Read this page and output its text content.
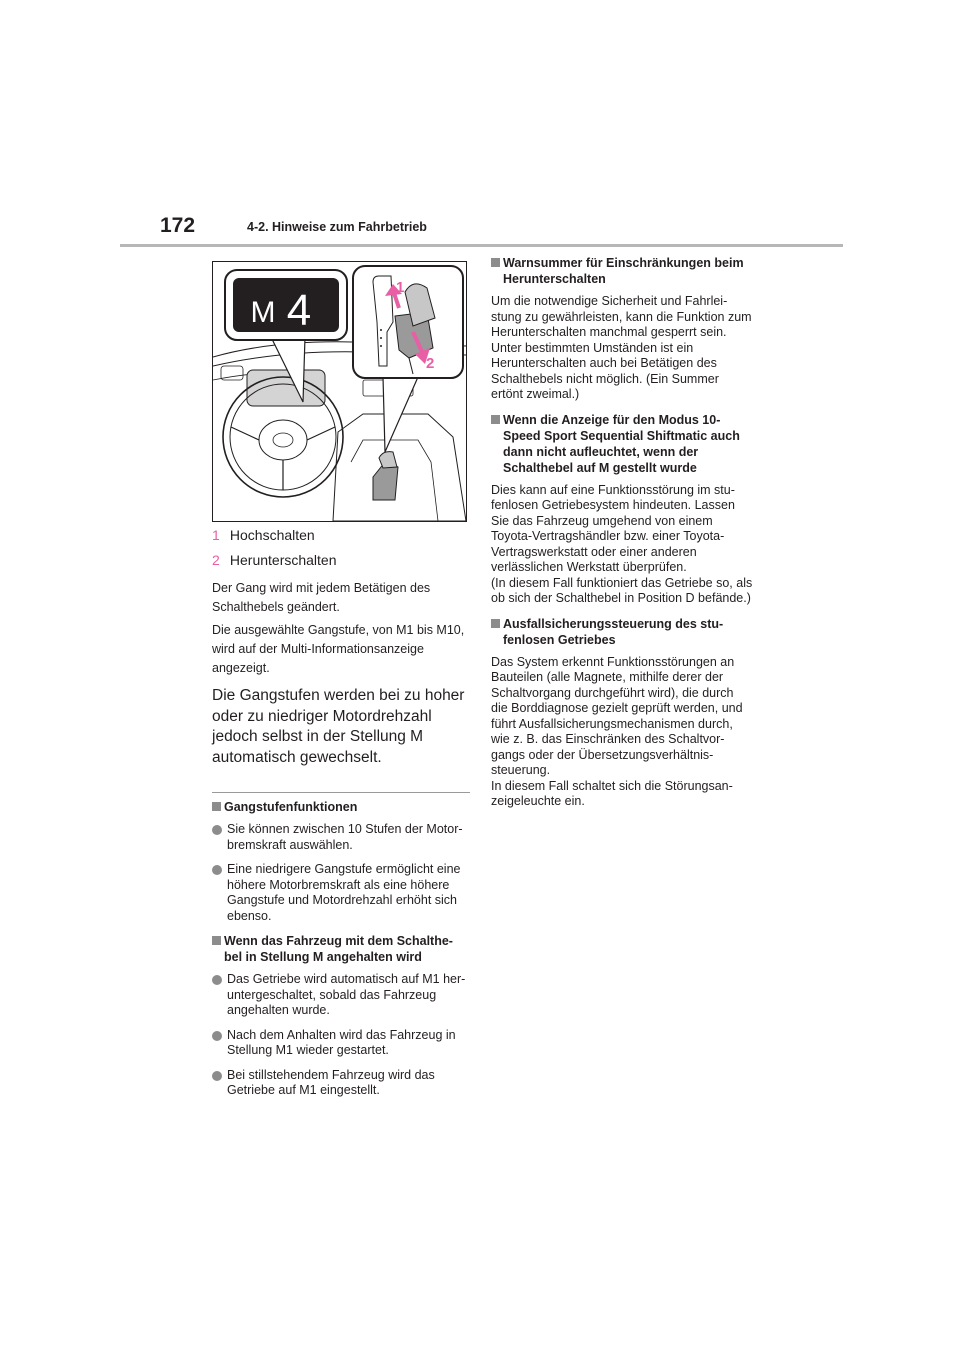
172	4-2. Hinweise zum Fahrbetrieb
M 4	1
2
1 Hochschalten
2 Herunterschalten

Der Gang wird mit jedem Betätigen des Schalthebels geändert.

Die ausgewählte Gangstufe, von M1 bis M10, wird auf der Multi-Informationsanzeige angezeigt.

Die Gangstufen werden bei zu hoher oder zu niedriger Motordrehzahl jedoch selbst in der Stellung M automatisch gewechselt.

Gangstufenfunktionen
Sie können zwischen 10 Stufen der Motor-bremskraft auswählen.
Eine niedrigere Gangstufe ermöglicht eine höhere Motorbremskraft als eine höhere Gangstufe und Motordrehzahl erhöht sich ebenso.
Wenn das Fahrzeug mit dem Schalthe-bel in Stellung M angehalten wird
Das Getriebe wird automatisch auf M1 her-untergeschaltet, sobald das Fahrzeug angehalten wurde.
Nach dem Anhalten wird das Fahrzeug in Stellung M1 wieder gestartet.
Bei stillstehendem Fahrzeug wird das Getriebe auf M1 eingestellt.
Warnsummer für Einschränkungen beim Herunterschalten

Um die notwendige Sicherheit und Fahrlei-stung zu gewährleisten, kann die Funktion zum Herunterschalten manchmal gesperrt sein. Unter bestimmten Umständen ist ein Herunterschalten auch bei Betätigen des Schalthebels nicht möglich. (Ein Summer ertönt zweimal.)

Wenn die Anzeige für den Modus 10-Speed Sport Sequential Shiftmatic auch dann nicht aufleuchtet, wenn der Schalthebel auf M gestellt wurde

Dies kann auf eine Funktionsstörung im stu-fenlosen Getriebesystem hindeuten. Lassen Sie das Fahrzeug umgehend von einem Toyota-Vertragshändler bzw. einer Toyota-Vertragswerkstatt oder einer anderen verlässlichen Werkstatt überprüfen.
(In diesem Fall funktioniert das Getriebe so, als ob sich der Schalthebel in Position D befände.)

Ausfallsicherungssteuerung des stu-fenlosen Getriebes

Das System erkennt Funktionsstörungen an Bauteilen (alle Magnete, mithilfe derer der Schaltvorgang durchgeführt wird), die durch die Borddiagnose gezielt geprüft werden, und führt Ausfallsicherungsmechanismen durch, wie z. B. das Einschränken des Schaltvor-gangs oder der Übersetzungsverhältnis-steuerung.
In diesem Fall schaltet sich die Störungsan-zeigeleuchte ein.
